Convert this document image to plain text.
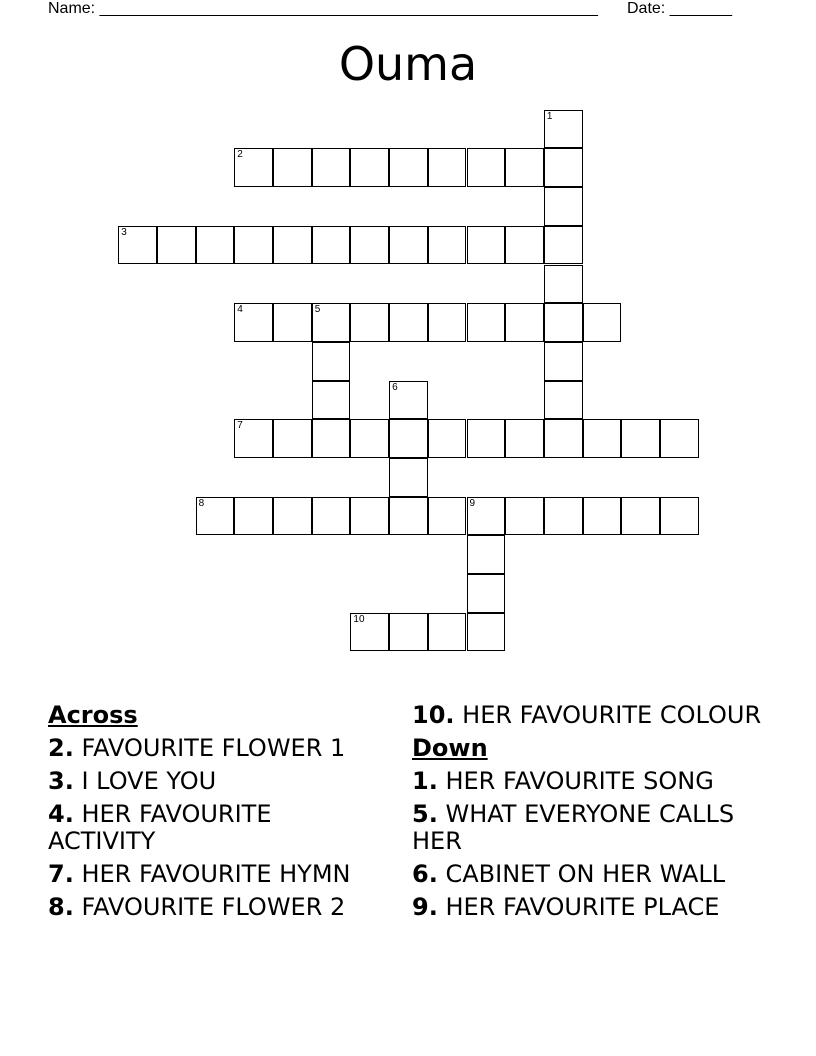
Name: ________________________________________________________ Date: _______
Ouma
1
2
3
4	5
6
7
8	9
10
Across
2. FAVOURITE FLOWER 1
3. I LOVE YOU
4. HER FAVOURITE ACTIVITY
7. HER FAVOURITE HYMN
8. FAVOURITE FLOWER 2
10. HER FAVOURITE COLOUR
Down
1. HER FAVOURITE SONG
5. WHAT EVERYONE CALLS HER
6. CABINET ON HER WALL
9. HER FAVOURITE PLACE
